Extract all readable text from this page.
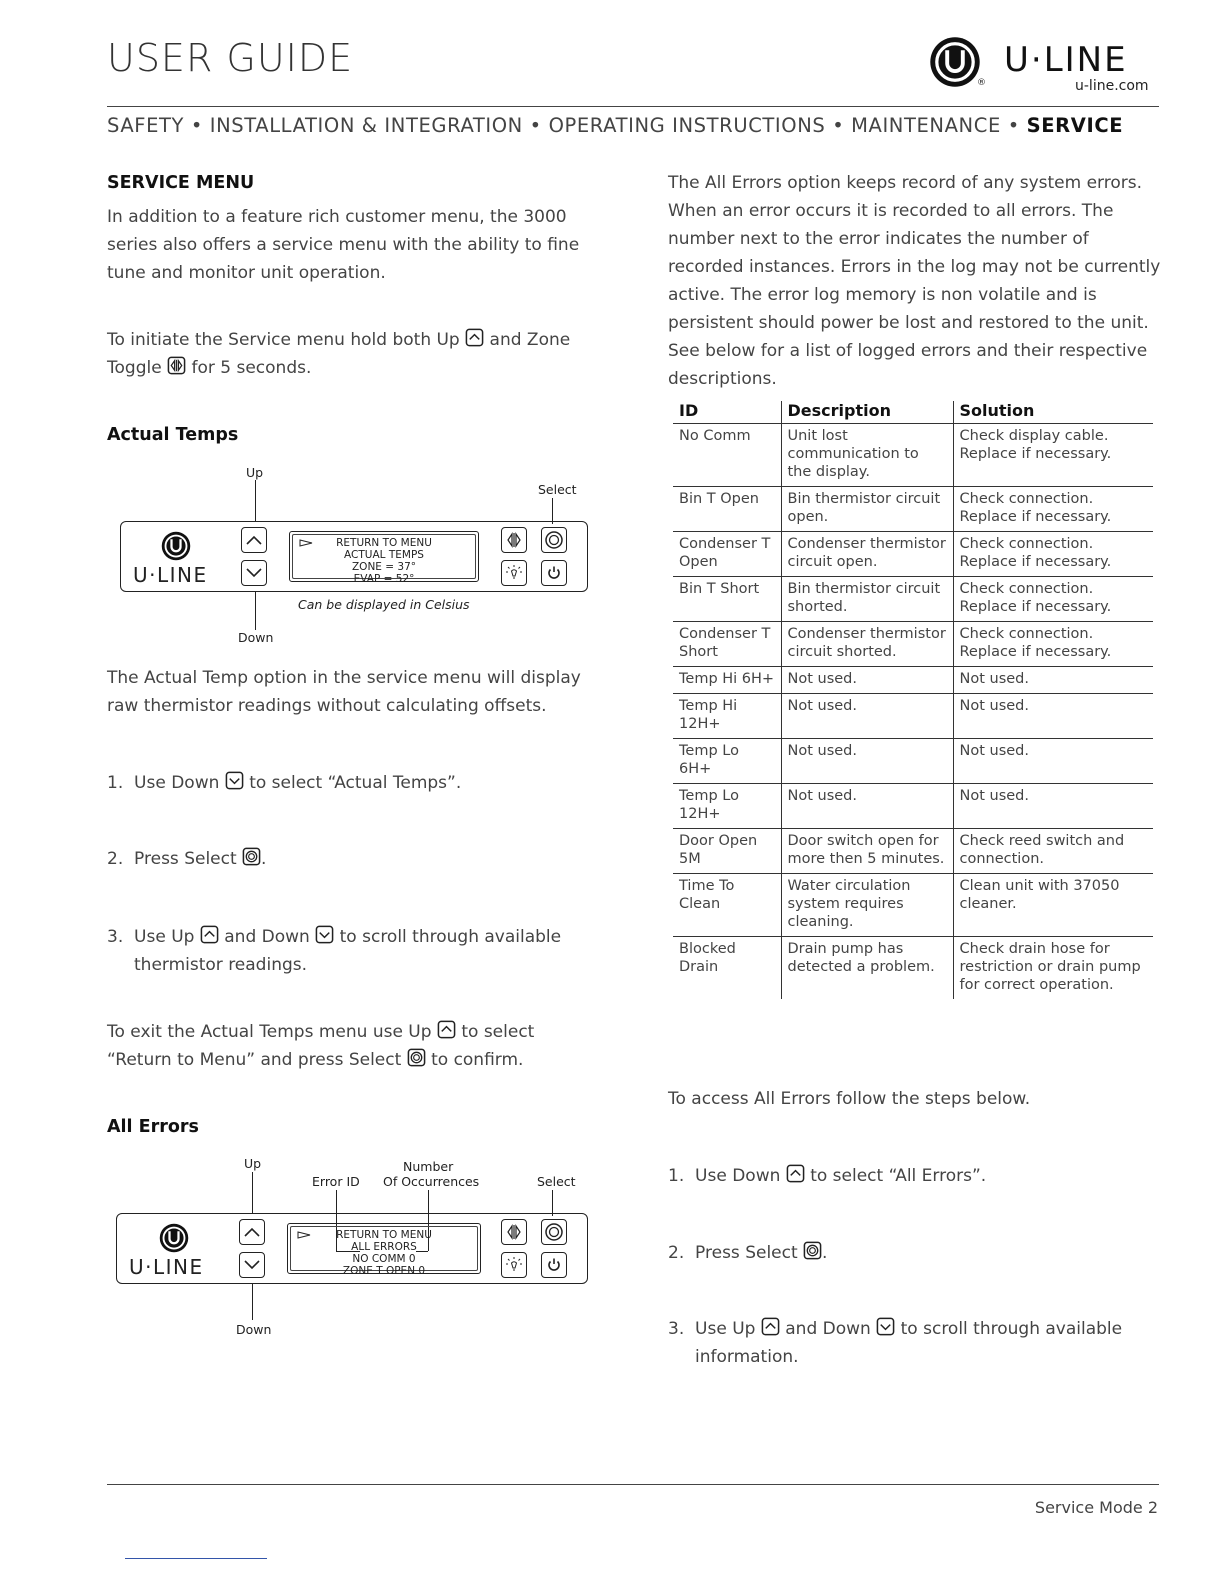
USER GUIDE
®
U·LINE
u-line.com
SAFETY • INSTALLATION & INTEGRATION • OPERATING INSTRUCTIONS • MAINTENANCE • SERVICE
SERVICE MENU
In addition to a feature rich customer menu, the 3000 series also offers a service menu with the ability to fine tune and monitor unit operation.
To initiate the Service menu hold both Up and Zone
Toggle for 5 seconds.
Actual Temps
Up
Select
U·LINE
RETURN TO MENU
ACTUAL TEMPS
ZONE = 37°
EVAP = 52°
Can be displayed in Celsius
Down
The Actual Temp option in the service menu will display raw thermistor readings without calculating offsets.
1. Use Down to select “Actual Temps”.
2. Press Select .
3. Use Up and Down to scroll through available
thermistor readings.
To exit the Actual Temps menu use Up to select
“Return to Menu” and press Select to confirm.
All Errors
Up
Error ID
Number
Of Occurrences	Select
U·LINE
RETURN TO MENU
ALL ERRORS
NO COMM 0
ZONE T OPEN 0
Down
The All Errors option keeps record of any system errors. When an error occurs it is recorded to all errors. The number next to the error indicates the number of recorded instances. Errors in the log may not be currently active. The error log memory is non volatile and is persistent should power be lost and restored to the unit. See below for a list of logged errors and their respective descriptions.
ID	Description	Solution
No Comm	Unit lost communication to the display.	Check display cable. Replace if necessary.
Bin T Open	Bin thermistor circuit open.	Check connection. Replace if necessary.
Condenser T Open	Condenser thermistor circuit open.	Check connection. Replace if necessary.
Bin T Short	Bin thermistor circuit shorted.	Check connection. Replace if necessary.
Condenser T Short	Condenser thermistor circuit shorted.	Check connection. Replace if necessary.
Temp Hi 6H+	Not used.	Not used.
Temp Hi 12H+	Not used.	Not used.
Temp Lo 6H+	Not used.	Not used.
Temp Lo 12H+	Not used.	Not used.
Door Open 5M	Door switch open for more then 5 minutes.	Check reed switch and connection.
Time To Clean	Water circulation system requires cleaning.	Clean unit with 37050 cleaner.
Blocked Drain	Drain pump has detected a problem.	Check drain hose for restriction or drain pump for correct operation.
To access All Errors follow the steps below.
1. Use Down to select “All Errors”.
2. Press Select .
3. Use Up and Down to scroll through available
information.
Service Mode 2
